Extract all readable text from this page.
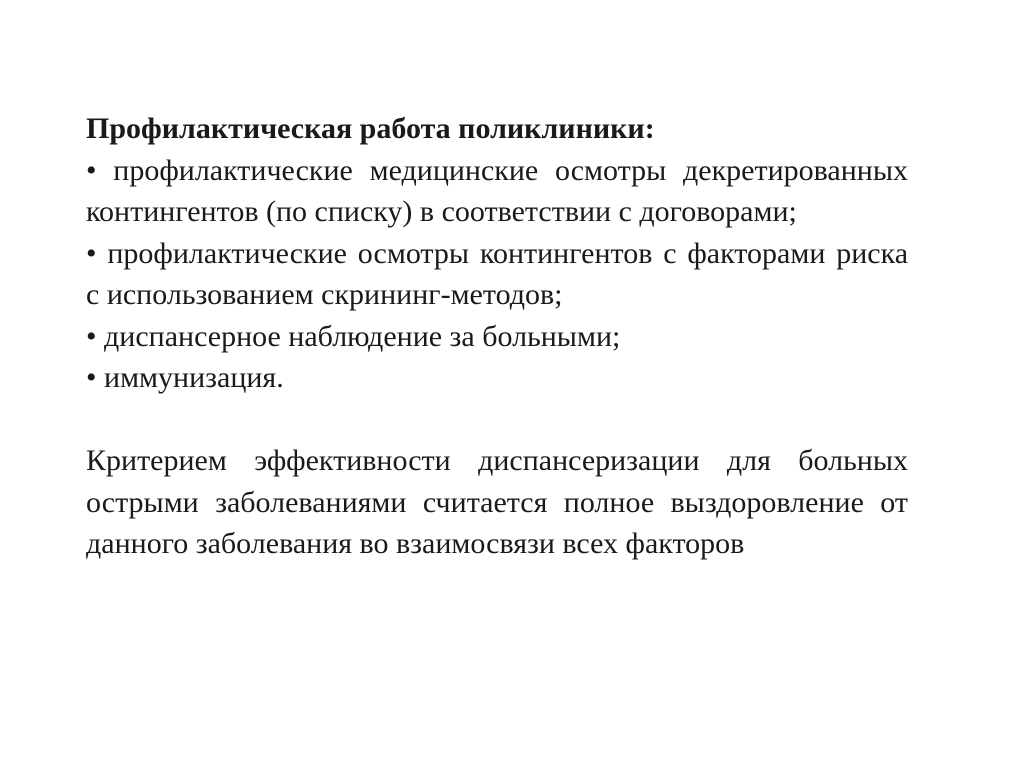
Профилактическая работа поликлиники:

• профилактические медицинские осмотры декретированных контингентов (по списку) в соответствии с договорами;
• профилактические осмотры контингентов с факторами риска с использованием скрининг-методов;
• диспансерное наблюдение за больными;
• иммунизация.

Критерием эффективности диспансеризации для больных острыми заболеваниями считается полное выздоровление от данного заболевания во взаимосвязи всех факторов
